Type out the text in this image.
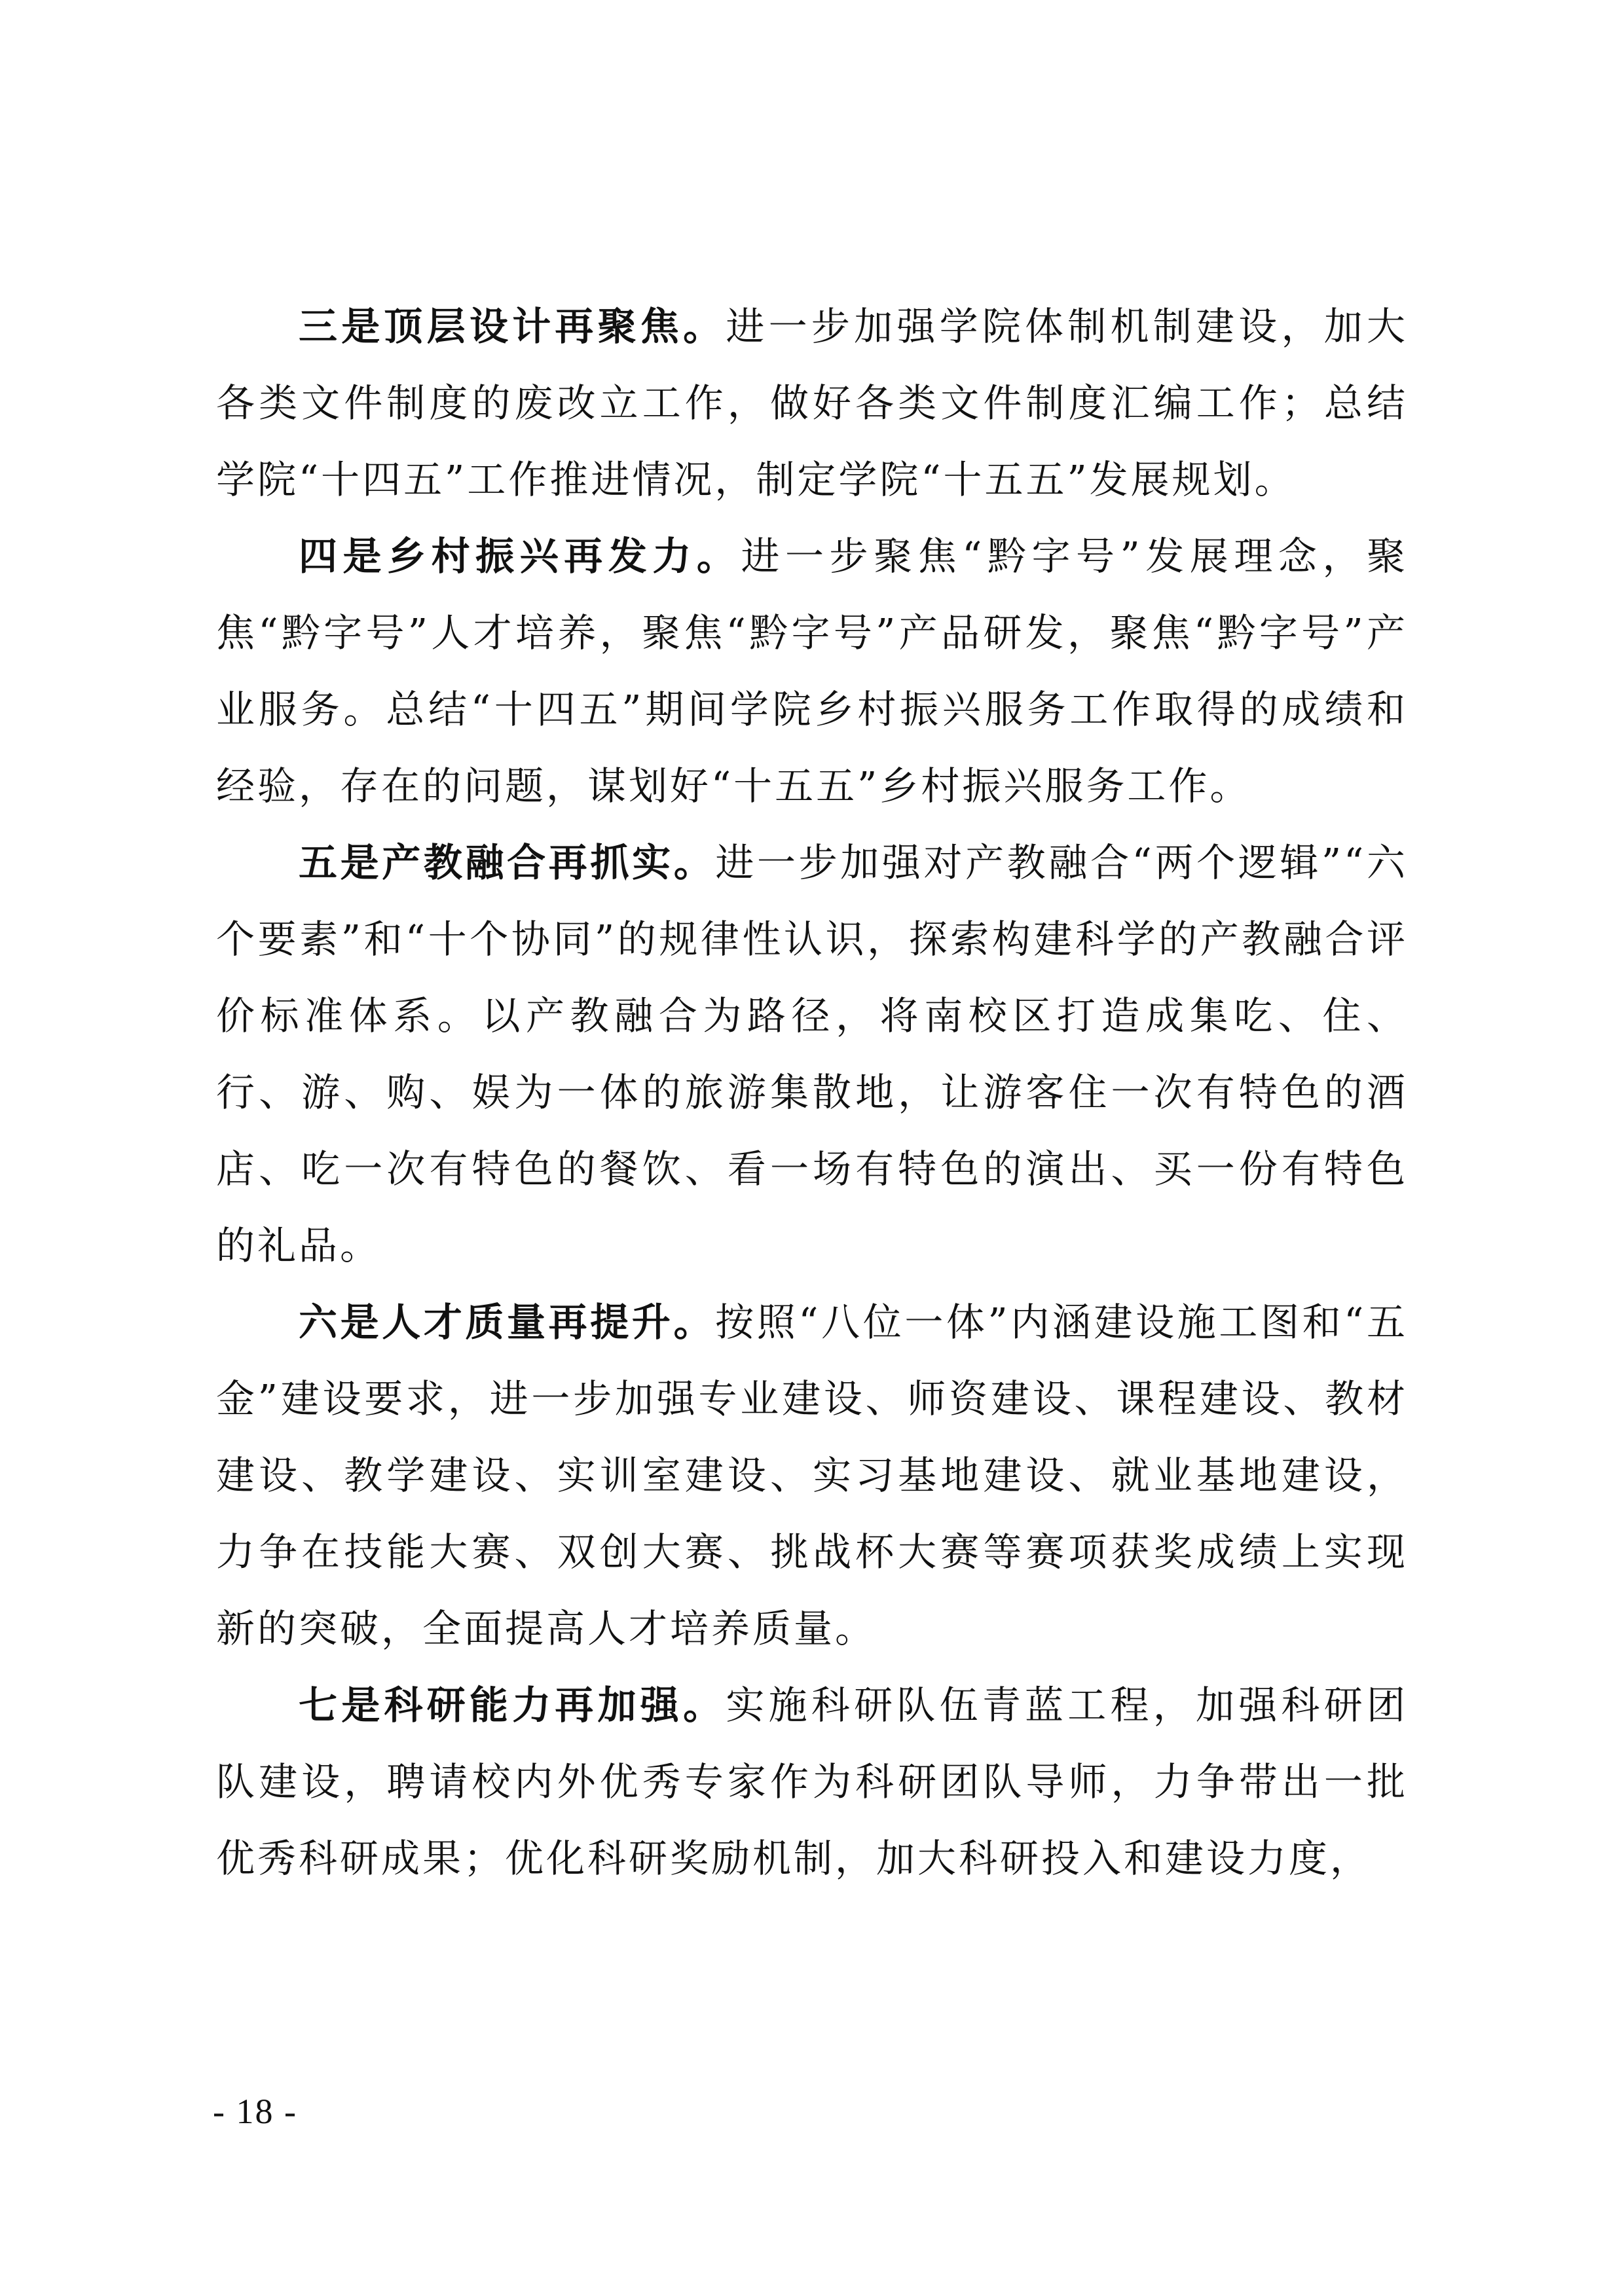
三是顶层设计再聚焦。进一步加强学院体制机制建设，加大各类文件制度的废改立工作，做好各类文件制度汇编工作；总结学院“十四五”工作推进情况，制定学院“十五五”发展规划。

四是乡村振兴再发力。进一步聚焦“黔字号”发展理念，聚焦“黔字号”人才培养，聚焦“黔字号”产品研发，聚焦“黔字号”产业服务。总结“十四五”期间学院乡村振兴服务工作取得的成绩和经验，存在的问题，谋划好“十五五”乡村振兴服务工作。

五是产教融合再抓实。进一步加强对产教融合“两个逻辑”“六个要素”和“十个协同”的规律性认识，探索构建科学的产教融合评价标准体系。以产教融合为路径，将南校区打造成集吃、住、行、游、购、娱为一体的旅游集散地，让游客住一次有特色的酒店、吃一次有特色的餐饮、看一场有特色的演出、买一份有特色的礼品。

六是人才质量再提升。按照“八位一体”内涵建设施工图和“五金”建设要求，进一步加强专业建设、师资建设、课程建设、教材建设、教学建设、实训室建设、实习基地建设、就业基地建设，力争在技能大赛、双创大赛、挑战杯大赛等赛项获奖成绩上实现新的突破，全面提高人才培养质量。

七是科研能力再加强。实施科研队伍青蓝工程，加强科研团队建设，聘请校内外优秀专家作为科研团队导师，力争带出一批优秀科研成果；优化科研奖励机制，加大科研投入和建设力度，

- 18 -
